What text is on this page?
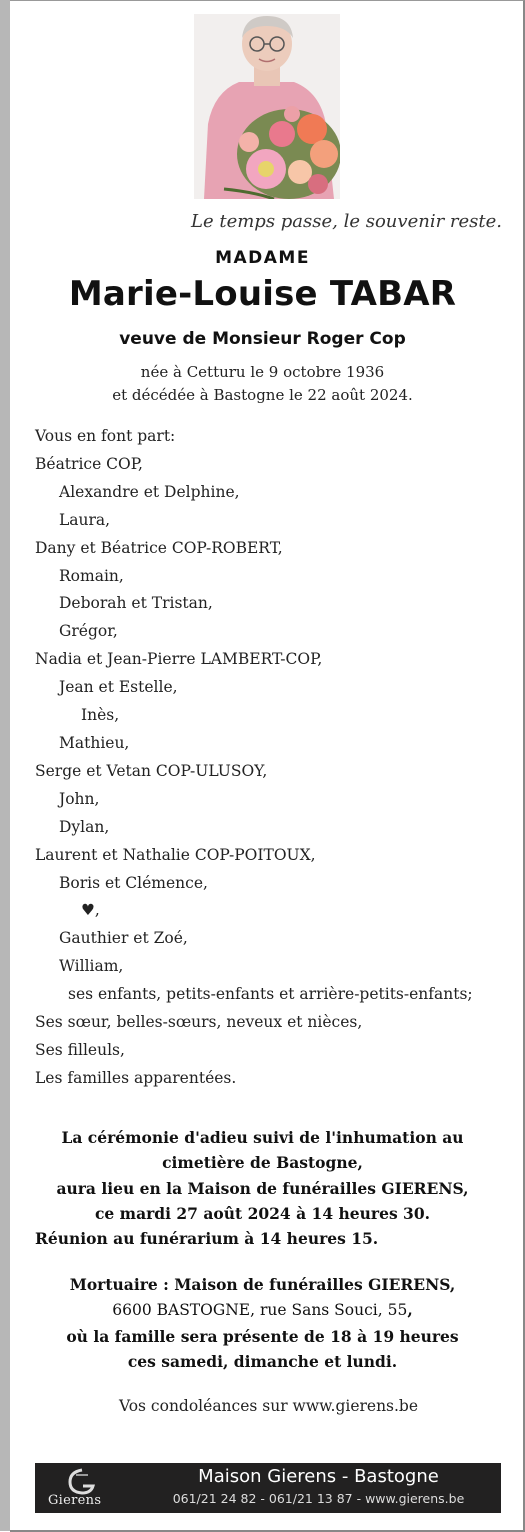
Le temps passe, le souvenir reste.
MADAME
Marie-Louise TABAR
veuve de Monsieur Roger Cop
née à Cetturu le 9 octobre 1936
et décédée à Bastogne le 22 août 2024.
Vous en font part:
Béatrice COP,
Alexandre et Delphine,
Laura,
Dany et Béatrice COP-ROBERT,
Romain,
Deborah et Tristan,
Grégor,
Nadia et Jean-Pierre LAMBERT-COP,
Jean et Estelle,
Inès,
Mathieu,
Serge et Vetan COP-ULUSOY,
John,
Dylan,
Laurent et Nathalie COP-POITOUX,
Boris et Clémence,
♥,
Gauthier et Zoé,
William,
ses enfants, petits-enfants et arrière-petits-enfants;
Ses sœur, belles-sœurs, neveux et nièces,
Ses filleuls,
Les familles apparentées.
La cérémonie d'adieu suivi de l'inhumation au
cimetière de Bastogne,
aura lieu en la Maison de funérailles GIERENS,
ce mardi 27 août 2024 à 14 heures 30.
Réunion au funérarium à 14 heures 15.
Mortuaire : Maison de funérailles GIERENS,
6600 BASTOGNE, rue Sans Souci, 55,
où la famille sera présente de 18 à 19 heures
ces samedi, dimanche et lundi.
Vos condoléances sur www.gierens.be
Gierens
Maison Gierens - Bastogne
061/21 24 82 - 061/21 13 87 - www.gierens.be
